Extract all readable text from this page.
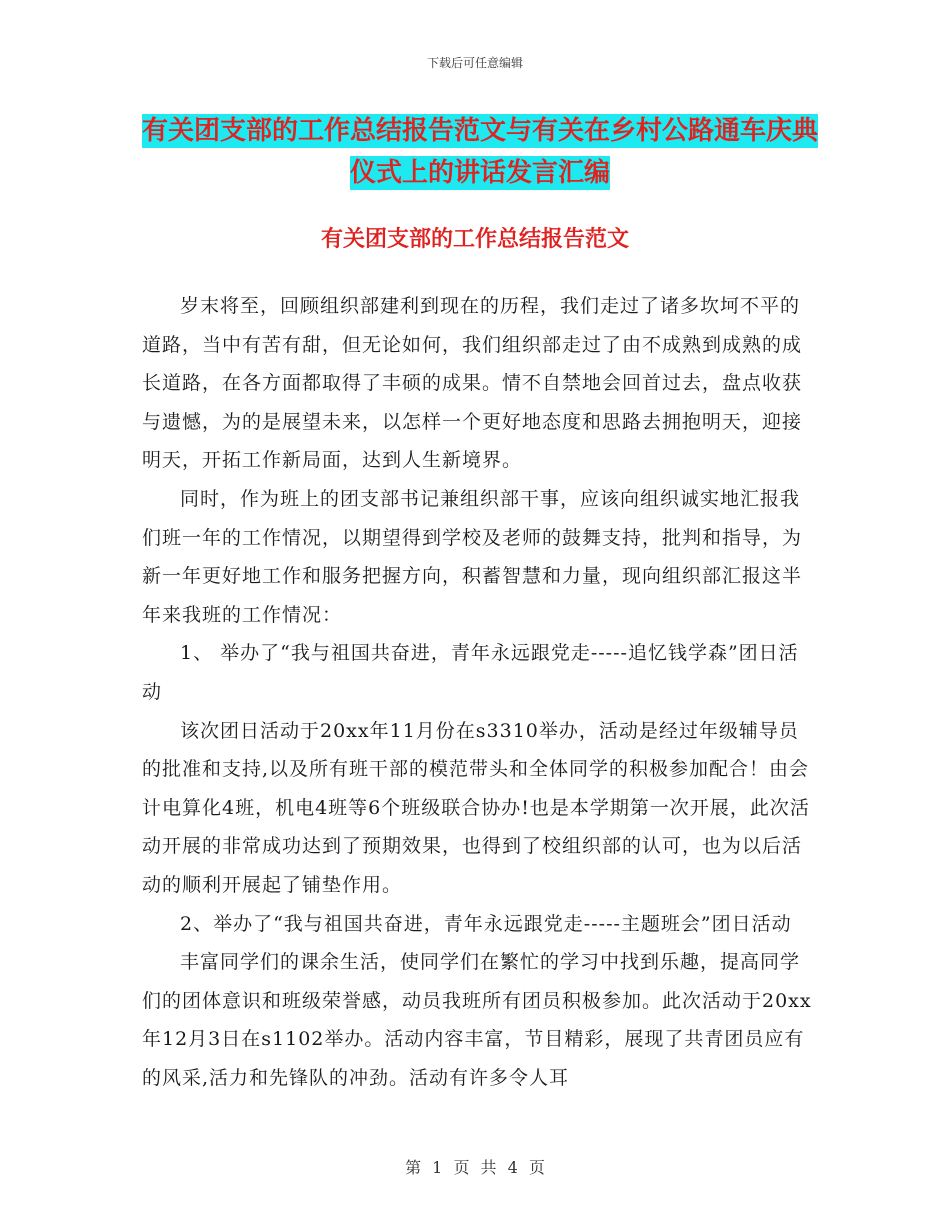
下载后可任意编辑
有关团支部的工作总结报告范文与有关在乡村公路通车庆典仪式上的讲话发言汇编
有关团支部的工作总结报告范文

岁末将至，回顾组织部建利到现在的历程，我们走过了诸多坎坷不平的道路，当中有苦有甜，但无论如何，我们组织部走过了由不成熟到成熟的成长道路，在各方面都取得了丰硕的成果。情不自禁地会回首过去，盘点收获与遗憾，为的是展望未来，以怎样一个更好地态度和思路去拥抱明天，迎接明天，开拓工作新局面，达到人生新境界。

同时，作为班上的团支部书记兼组织部干事，应该向组织诚实地汇报我们班一年的工作情况，以期望得到学校及老师的鼓舞支持，批判和指导，为新一年更好地工作和服务把握方向，积蓄智慧和力量，现向组织部汇报这半年来我班的工作情况：

1、 举办了“我与祖国共奋进，青年永远跟党走-----追忆钱学森”团日活动

该次团日活动于20xx年11月份在s3310举办，活动是经过年级辅导员的批准和支持,以及所有班干部的模范带头和全体同学的积极参加配合！由会计电算化4班，机电4班等6个班级联合协办!也是本学期第一次开展，此次活动开展的非常成功达到了预期效果，也得到了校组织部的认可，也为以后活动的顺利开展起了铺垫作用。

2、举办了“我与祖国共奋进，青年永远跟党走-----主题班会”团日活动

丰富同学们的课余生活，使同学们在繁忙的学习中找到乐趣，提高同学们的团体意识和班级荣誉感，动员我班所有团员积极参加。此次活动于20xx年12月3日在s1102举办。活动内容丰富，节目精彩，展现了共青团员应有的风采,活力和先锋队的冲劲。活动有许多令人耳

第 1 页 共 4 页
